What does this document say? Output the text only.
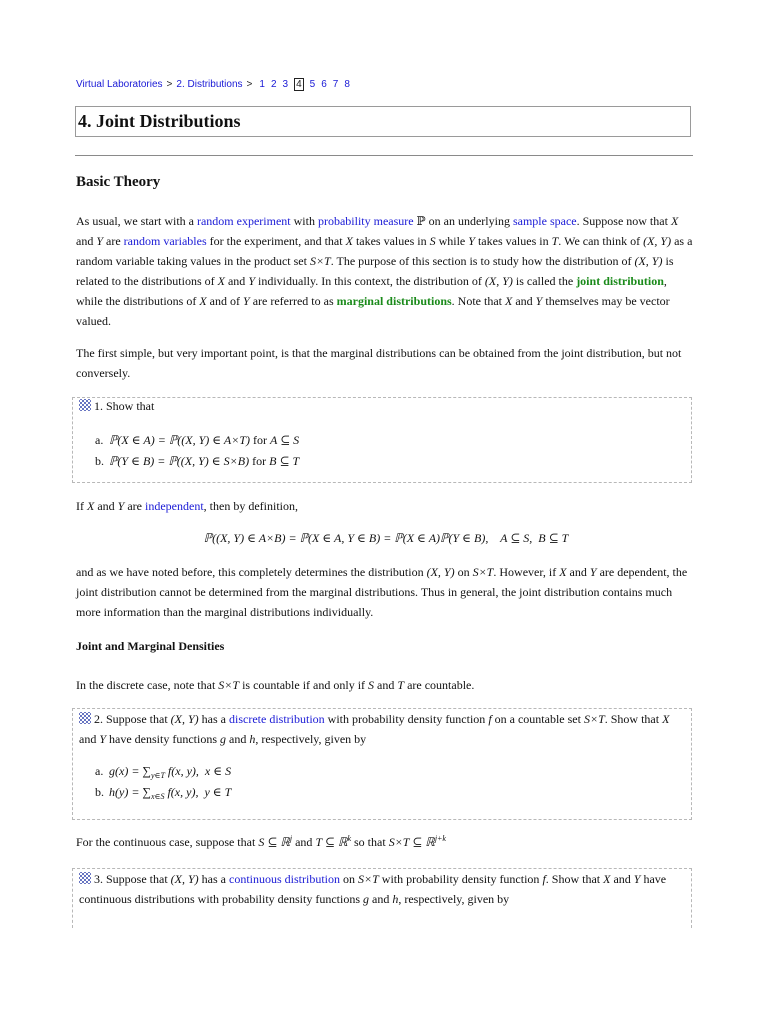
Virtual Laboratories > 2. Distributions > 1 2 3 4 5 6 7 8
4. Joint Distributions
Basic Theory
As usual, we start with a random experiment with probability measure ℙ on an underlying sample space. Suppose now that X and Y are random variables for the experiment, and that X takes values in S while Y takes values in T. We can think of (X, Y) as a random variable taking values in the product set S×T. The purpose of this section is to study how the distribution of (X, Y) is related to the distributions of X and Y individually. In this context, the distribution of (X, Y) is called the joint distribution, while the distributions of X and of Y are referred to as marginal distributions. Note that X and Y themselves may be vector valued.
The first simple, but very important point, is that the marginal distributions can be obtained from the joint distribution, but not conversely.
1. Show that
a. ℙ(X ∈ A) = ℙ((X, Y) ∈ A×T) for A ⊆ S
b. ℙ(Y ∈ B) = ℙ((X, Y) ∈ S×B) for B ⊆ T
If X and Y are independent, then by definition,
ℙ((X, Y) ∈ A×B) = ℙ(X ∈ A, Y ∈ B) = ℙ(X ∈ A)ℙ(Y ∈ B),    A ⊆ S,  B ⊆ T
and as we have noted before, this completely determines the distribution (X, Y) on S×T. However, if X and Y are dependent, the joint distribution cannot be determined from the marginal distributions. Thus in general, the joint distribution contains much more information than the marginal distributions individually.
Joint and Marginal Densities
In the discrete case, note that S×T is countable if and only if S and T are countable.
2. Suppose that (X, Y) has a discrete distribution with probability density function f on a countable set S×T. Show that X and Y have density functions g and h, respectively, given by
a. $g(x) = \sum_{y\in T}$ f(x, y),  x ∈ S
b. $h(y) = \sum_{x\in S}$ f(x, y),  y ∈ T
For the continuous case, suppose that S ⊆ ℝ$^j$ and T ⊆ ℝ$^k$ so that S×T ⊆ ℝ$^{j+k}$
3. Suppose that (X, Y) has a continuous distribution on S×T with probability density function f. Show that X and Y have continuous distributions with probability density functions g and h, respectively, given by
